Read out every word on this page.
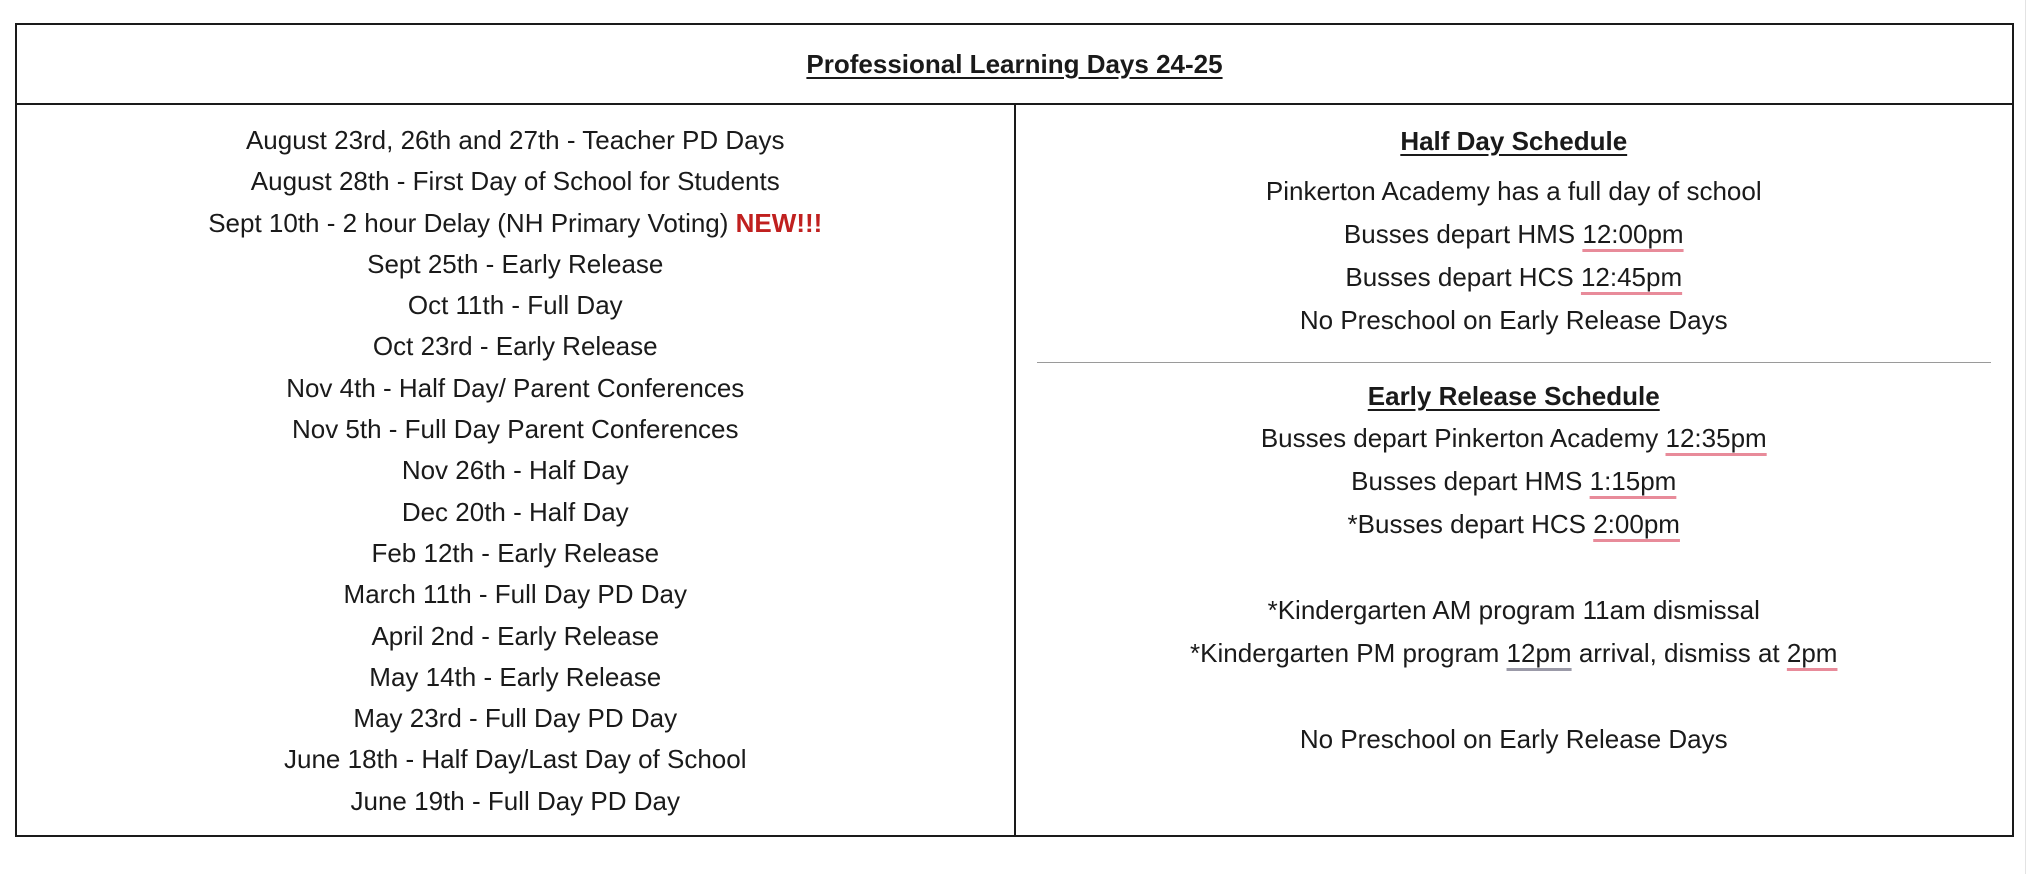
Professional Learning Days 24-25

August 23rd, 26th and 27th - Teacher PD Days
August 28th - First Day of School for Students
Sept 10th - 2 hour Delay (NH Primary Voting) NEW!!!
Sept 25th - Early Release
Oct 11th - Full Day
Oct 23rd - Early Release
Nov 4th - Half Day/ Parent Conferences
Nov 5th - Full Day Parent Conferences
Nov 26th - Half Day
Dec 20th - Half Day
Feb 12th - Early Release
March 11th - Full Day PD Day
April 2nd - Early Release
May 14th - Early Release
May 23rd - Full Day PD Day
June 18th - Half Day/Last Day of School
June 19th - Full Day PD Day

Half Day Schedule
Pinkerton Academy has a full day of school
Busses depart HMS 12:00pm
Busses depart HCS 12:45pm
No Preschool on Early Release Days
Early Release Schedule
Busses depart Pinkerton Academy 12:35pm
Busses depart HMS 1:15pm
*Busses depart HCS 2:00pm
*Kindergarten AM program 11am dismissal
*Kindergarten PM program 12pm arrival, dismiss at 2pm
No Preschool on Early Release Days
